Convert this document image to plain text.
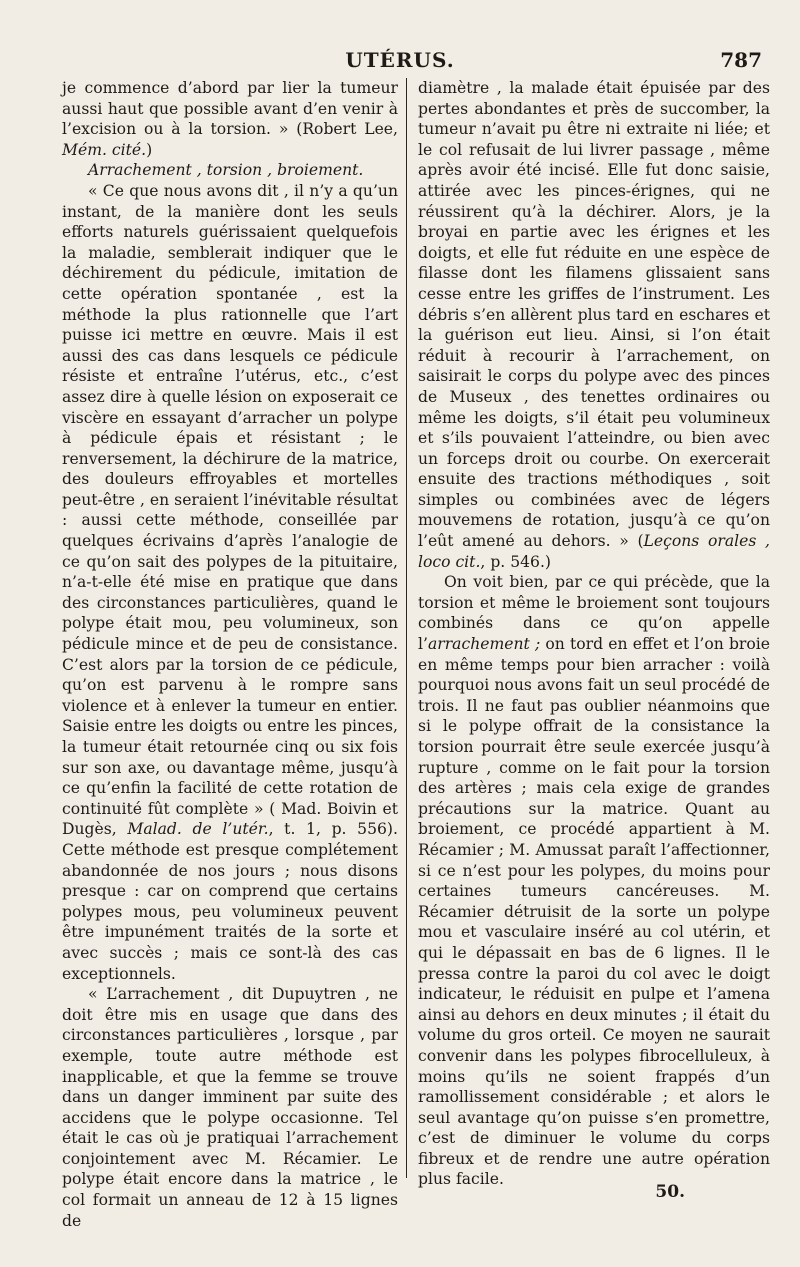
UTÉRUS.	787

je commence d’abord par lier la tumeur aussi haut que possible avant d’en venir à l’excision ou à la torsion. » (Robert Lee, Mém. cité.)

Arrachement , torsion , broiement.

« Ce que nous avons dit , il n’y a qu’un instant, de la manière dont les seuls efforts naturels guérissaient quelquefois la maladie, semblerait indiquer que le déchirement du pédicule, imitation de cette opération spontanée , est la méthode la plus rationnelle que l’art puisse ici mettre en œuvre. Mais il est aussi des cas dans lesquels ce pédicule résiste et entraîne l’utérus, etc., c’est assez dire à quelle lésion on exposerait ce viscère en essayant d’arracher un polype à pédicule épais et résistant ; le renversement, la déchirure de la matrice, des douleurs effroyables et mortelles peut-être , en seraient l’inévitable résultat : aussi cette méthode, conseillée par quelques écrivains d’après l’analogie de ce qu’on sait des polypes de la pituitaire, n’a-t-elle été mise en pratique que dans des circonstances particulières, quand le polype était mou, peu volumineux, son pédicule mince et de peu de consistance. C’est alors par la torsion de ce pédicule, qu’on est parvenu à le rompre sans violence et à enlever la tumeur en entier. Saisie entre les doigts ou entre les pinces, la tumeur était retournée cinq ou six fois sur son axe, ou davantage même, jusqu’à ce qu’enfin la facilité de cette rotation de continuité fût complète » ( Mad. Boivin et Dugès, Malad. de l’utér., t. 1, p. 556). Cette méthode est presque complétement abandonnée de nos jours ; nous disons presque : car on comprend que certains polypes mous, peu volumineux peuvent être impunément traités de la sorte et avec succès ; mais ce sont-là des cas exceptionnels.

« L’arrachement , dit Dupuytren , ne doit être mis en usage que dans des circonstances particulières , lorsque , par exemple, toute autre méthode est inapplicable, et que la femme se trouve dans un danger imminent par suite des accidens que le polype occasionne. Tel était le cas où je pratiquai l’arrachement conjointement avec M. Récamier. Le polype était encore dans la matrice , le col formait un anneau de 12 à 15 lignes de

diamètre , la malade était épuisée par des pertes abondantes et près de succomber, la tumeur n’avait pu être ni extraite ni liée; et le col refusait de lui livrer passage , même après avoir été incisé. Elle fut donc saisie, attirée avec les pinces-érignes, qui ne réussirent qu’à la déchirer. Alors, je la broyai en partie avec les érignes et les doigts, et elle fut réduite en une espèce de filasse dont les filamens glissaient sans cesse entre les griffes de l’instrument. Les débris s’en allèrent plus tard en eschares et la guérison eut lieu. Ainsi, si l’on était réduit à recourir à l’arrachement, on saisirait le corps du polype avec des pinces de Museux , des tenettes ordinaires ou même les doigts, s’il était peu volumineux et s’ils pouvaient l’atteindre, ou bien avec un forceps droit ou courbe. On exercerait ensuite des tractions méthodiques , soit simples ou combinées avec de légers mouvemens de rotation, jusqu’à ce qu’on l’eût amené au dehors. » (Leçons orales , loco cit., p. 546.)

On voit bien, par ce qui précède, que la torsion et même le broiement sont toujours combinés dans ce qu’on appelle l’arrachement ; on tord en effet et l’on broie en même temps pour bien arracher : voilà pourquoi nous avons fait un seul procédé de trois. Il ne faut pas oublier néanmoins que si le polype offrait de la consistance la torsion pourrait être seule exercée jusqu’à rupture , comme on le fait pour la torsion des artères ; mais cela exige de grandes précautions sur la matrice. Quant au broiement, ce procédé appartient à M. Récamier ; M. Amussat paraît l’affectionner, si ce n’est pour les polypes, du moins pour certaines tumeurs cancéreuses. M. Récamier détruisit de la sorte un polype mou et vasculaire inséré au col utérin, et qui le dépassait en bas de 6 lignes. Il le pressa contre la paroi du col avec le doigt indicateur, le réduisit en pulpe et l’amena ainsi au dehors en deux minutes ; il était du volume du gros orteil. Ce moyen ne saurait convenir dans les polypes fibrocelluleux, à moins qu’ils ne soient frappés d’un ramollissement considérable ; et alors le seul avantage qu’on puisse s’en promettre, c’est de diminuer le volume du corps fibreux et de rendre une autre opération plus facile.

50.
